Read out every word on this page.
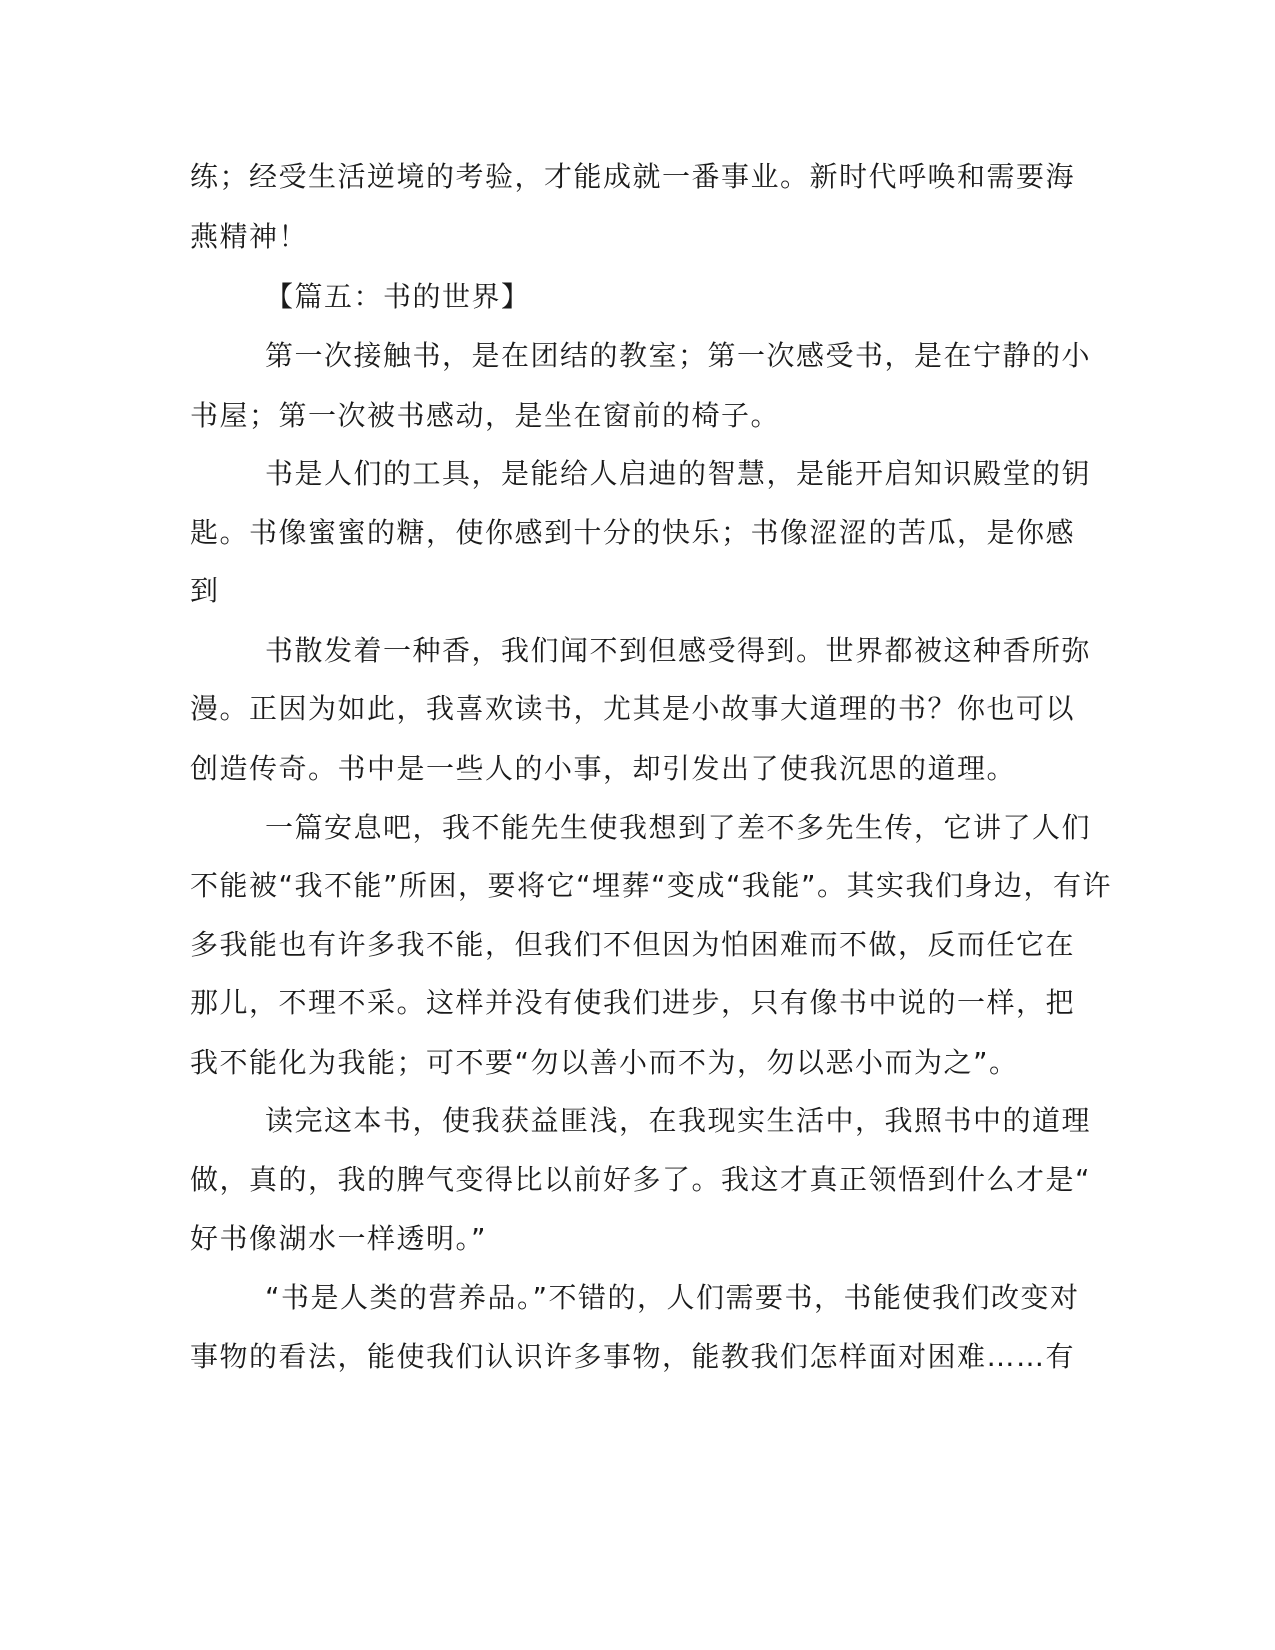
练；经受生活逆境的考验，才能成就一番事业。新时代呼唤和需要海
燕精神！
【篇五：书的世界】
第一次接触书，是在团结的教室；第一次感受书，是在宁静的小
书屋；第一次被书感动，是坐在窗前的椅子。
书是人们的工具，是能给人启迪的智慧，是能开启知识殿堂的钥
匙。书像蜜蜜的糖，使你感到十分的快乐；书像涩涩的苦瓜，是你感
到
书散发着一种香，我们闻不到但感受得到。世界都被这种香所弥
漫。正因为如此，我喜欢读书，尤其是小故事大道理的书？你也可以
创造传奇。书中是一些人的小事，却引发出了使我沉思的道理。
一篇安息吧，我不能先生使我想到了差不多先生传，它讲了人们
不能被“我不能”所困，要将它“埋葬“变成“我能”。其实我们身边，有许
多我能也有许多我不能，但我们不但因为怕困难而不做，反而任它在
那儿，不理不采。这样并没有使我们进步，只有像书中说的一样，把
我不能化为我能；可不要“勿以善小而不为，勿以恶小而为之”。
读完这本书，使我获益匪浅，在我现实生活中，我照书中的道理
做，真的，我的脾气变得比以前好多了。我这才真正领悟到什么才是“
好书像湖水一样透明。”
“书是人类的营养品。”不错的，人们需要书，书能使我们改变对
事物的看法，能使我们认识许多事物，能教我们怎样面对困难……有
